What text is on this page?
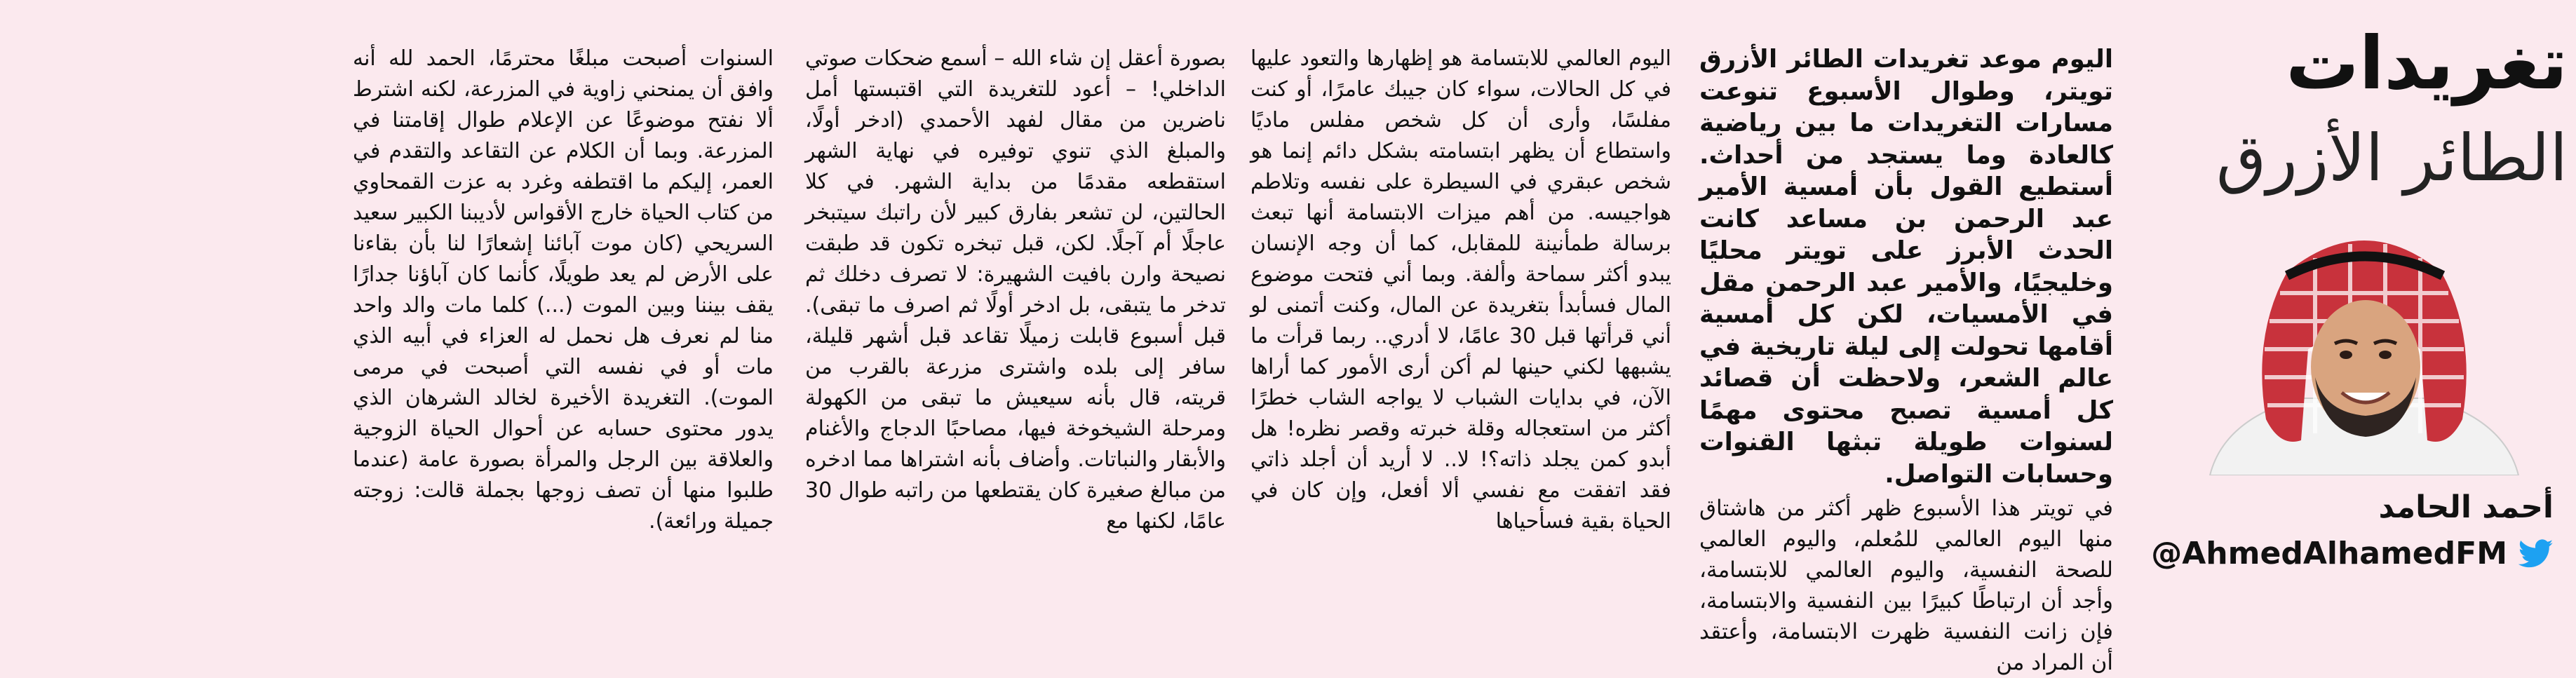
تغريدات
الطائر الأزرق
أحمد الحامد
@AhmedAlhamedFM

اليوم موعد تغريدات الطائر الأزرق تويتر، وطوال الأسبوع تنوعت مسارات التغريدات ما بين رياضية كالعادة وما يستجد من أحداث. أستطيع القول بأن أمسية الأمير عبد الرحمن بن مساعد كانت الحدث الأبرز على تويتر محليًا وخليجيًا، والأمير عبد الرحمن مقل في الأمسيات، لكن كل أمسية أقامها تحولت إلى ليلة تاريخية في عالم الشعر، ولاحظت أن قصائد كل أمسية تصبح محتوى مهمًا لسنوات طويلة تبثها القنوات وحسابات التواصل.

في تويتر هذا الأسبوع ظهر أكثر من هاشتاق منها اليوم العالمي للمُعلم، واليوم العالمي للصحة النفسية، واليوم العالمي للابتسامة، وأجد أن ارتباطًا كبيرًا بين النفسية والابتسامة، فإن زانت النفسية ظهرت الابتسامة، وأعتقد أن المراد من

اليوم العالمي للابتسامة هو إظهارها والتعود عليها في كل الحالات، سواء كان جيبك عامرًا، أو كنت مفلسًا، وأرى أن كل شخص مفلس ماديًا واستطاع أن يظهر ابتسامته بشكل دائم إنما هو شخص عبقري في السيطرة على نفسه وتلاطم هواجيسه. من أهم ميزات الابتسامة أنها تبعث برسالة طمأنينة للمقابل، كما أن وجه الإنسان يبدو أكثر سماحة وألفة. وبما أني فتحت موضوع المال فسأبدأ بتغريدة عن المال، وكنت أتمنى لو أني قرأتها قبل 30 عامًا، لا أدري.. ربما قرأت ما يشبهها لكني حينها لم أكن أرى الأمور كما أراها الآن، في بدايات الشباب لا يواجه الشاب خطرًا أكثر من استعجاله وقلة خبرته وقصر نظره! هل أبدو كمن يجلد ذاته؟! لا.. لا أريد أن أجلد ذاتي فقد اتفقت مع نفسي ألا أفعل، وإن كان في الحياة بقية فسأحياها

بصورة أعقل إن شاء الله – أسمع ضحكات صوتي الداخلي! – أعود للتغريدة التي اقتبستها أمل ناضرين من مقال لفهد الأحمدي (ادخر أولًا، والمبلغ الذي تنوي توفيره في نهاية الشهر استقطعه مقدمًا من بداية الشهر. في كلا الحالتين، لن تشعر بفارق كبير لأن راتبك سيتبخر عاجلًا أم آجلًا. لكن، قبل تبخره تكون قد طبقت نصيحة وارن بافيت الشهيرة: لا تصرف دخلك ثم تدخر ما يتبقى، بل ادخر أولًا ثم اصرف ما تبقى). قبل أسبوع قابلت زميلًا تقاعد قبل أشهر قليلة، سافر إلى بلده واشترى مزرعة بالقرب من قريته، قال بأنه سيعيش ما تبقى من الكهولة ومرحلة الشيخوخة فيها، مصاحبًا الدجاج والأغنام والأبقار والنباتات. وأضاف بأنه اشتراها مما ادخره من مبالغ صغيرة كان يقتطعها من راتبه طوال 30 عامًا، لكنها مع

السنوات أصبحت مبلغًا محترمًا، الحمد لله أنه وافق أن يمنحني زاوية في المزرعة، لكنه اشترط ألا نفتح موضوعًا عن الإعلام طوال إقامتنا في المزرعة. وبما أن الكلام عن التقاعد والتقدم في العمر، إليكم ما اقتطفه وغرد به عزت القمحاوي من كتاب الحياة خارج الأقواس لأديبنا الكبير سعيد السريحي (كان موت آبائنا إشعارًا لنا بأن بقاءنا على الأرض لم يعد طويلًا، كأنما كان آباؤنا جدارًا يقف بيننا وبين الموت (...) كلما مات والد واحد منا لم نعرف هل نحمل له العزاء في أبيه الذي مات أو في نفسه التي أصبحت في مرمى الموت). التغريدة الأخيرة لخالد الشرهان الذي يدور محتوى حسابه عن أحوال الحياة الزوجية والعلاقة بين الرجل والمرأة بصورة عامة (عندما طلبوا منها أن تصف زوجها بجملة قالت: زوجته جميلة ورائعة).
